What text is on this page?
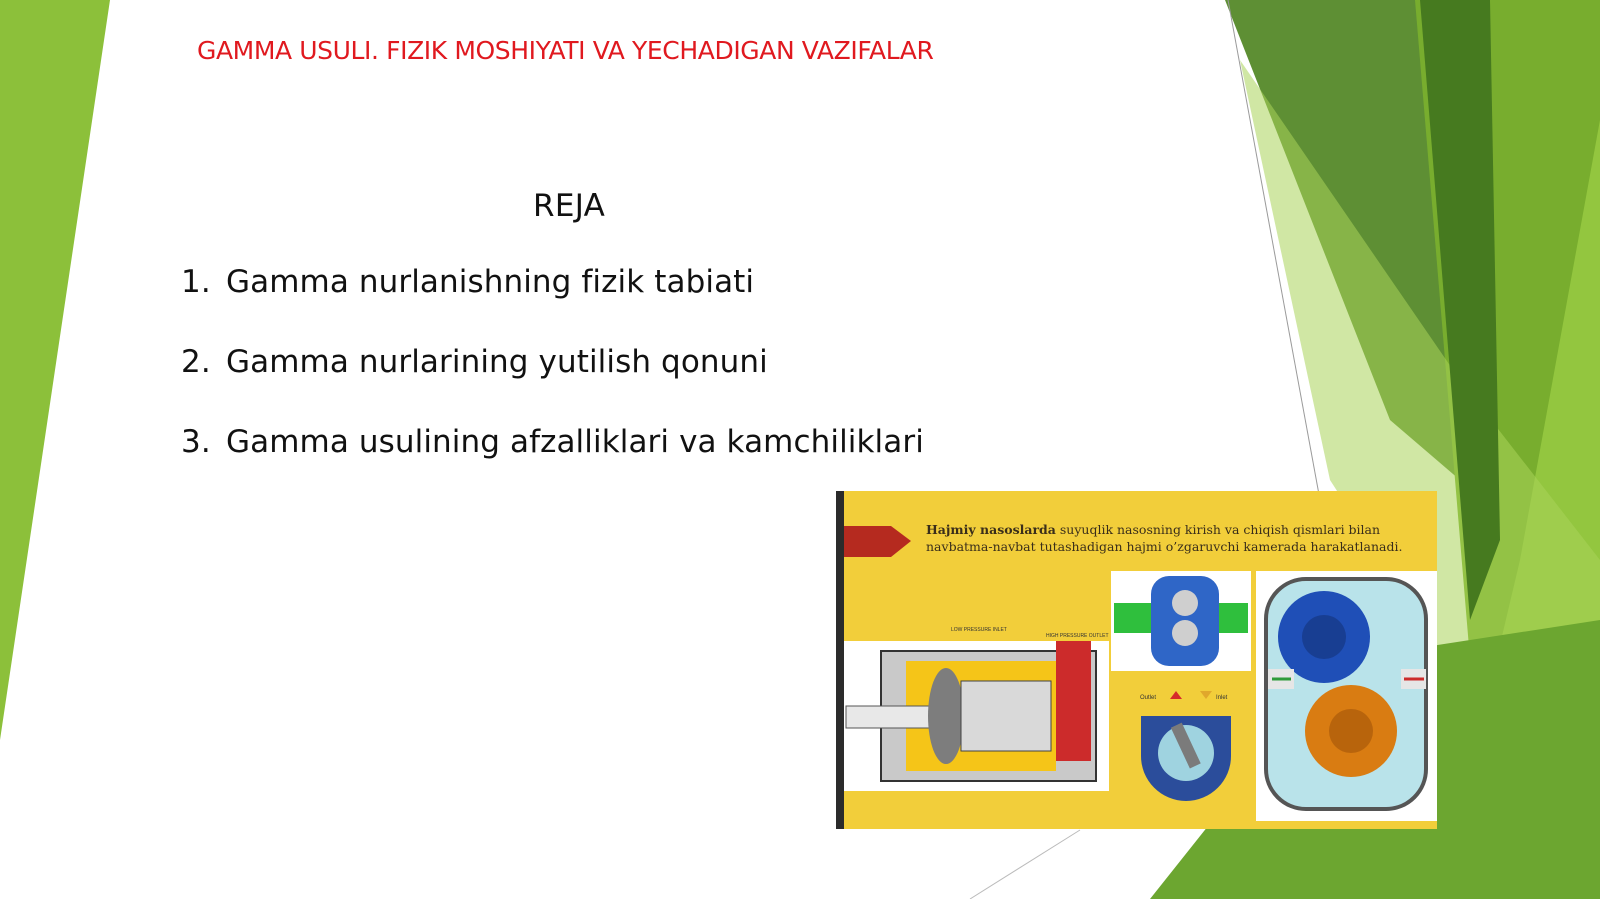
GAMMA USULI. FIZIK MOSHIYATI VA YECHADIGAN VAZIFALAR
REJA
1. Gamma nurlanishning fizik tabiati
2. Gamma nurlarining yutilish qonuni
3. Gamma usulining afzalliklari va kamchiliklari
LOW PRESSURE INLET
HIGH PRESSURE OUTLET
Outlet	Inlet
Hajmiy nasoslarda suyuqlik nasosning kirish va chiqish qismlari bilan
navbatma-navbat tutashadigan hajmi o’zgaruvchi kamerada harakatlanadi.
